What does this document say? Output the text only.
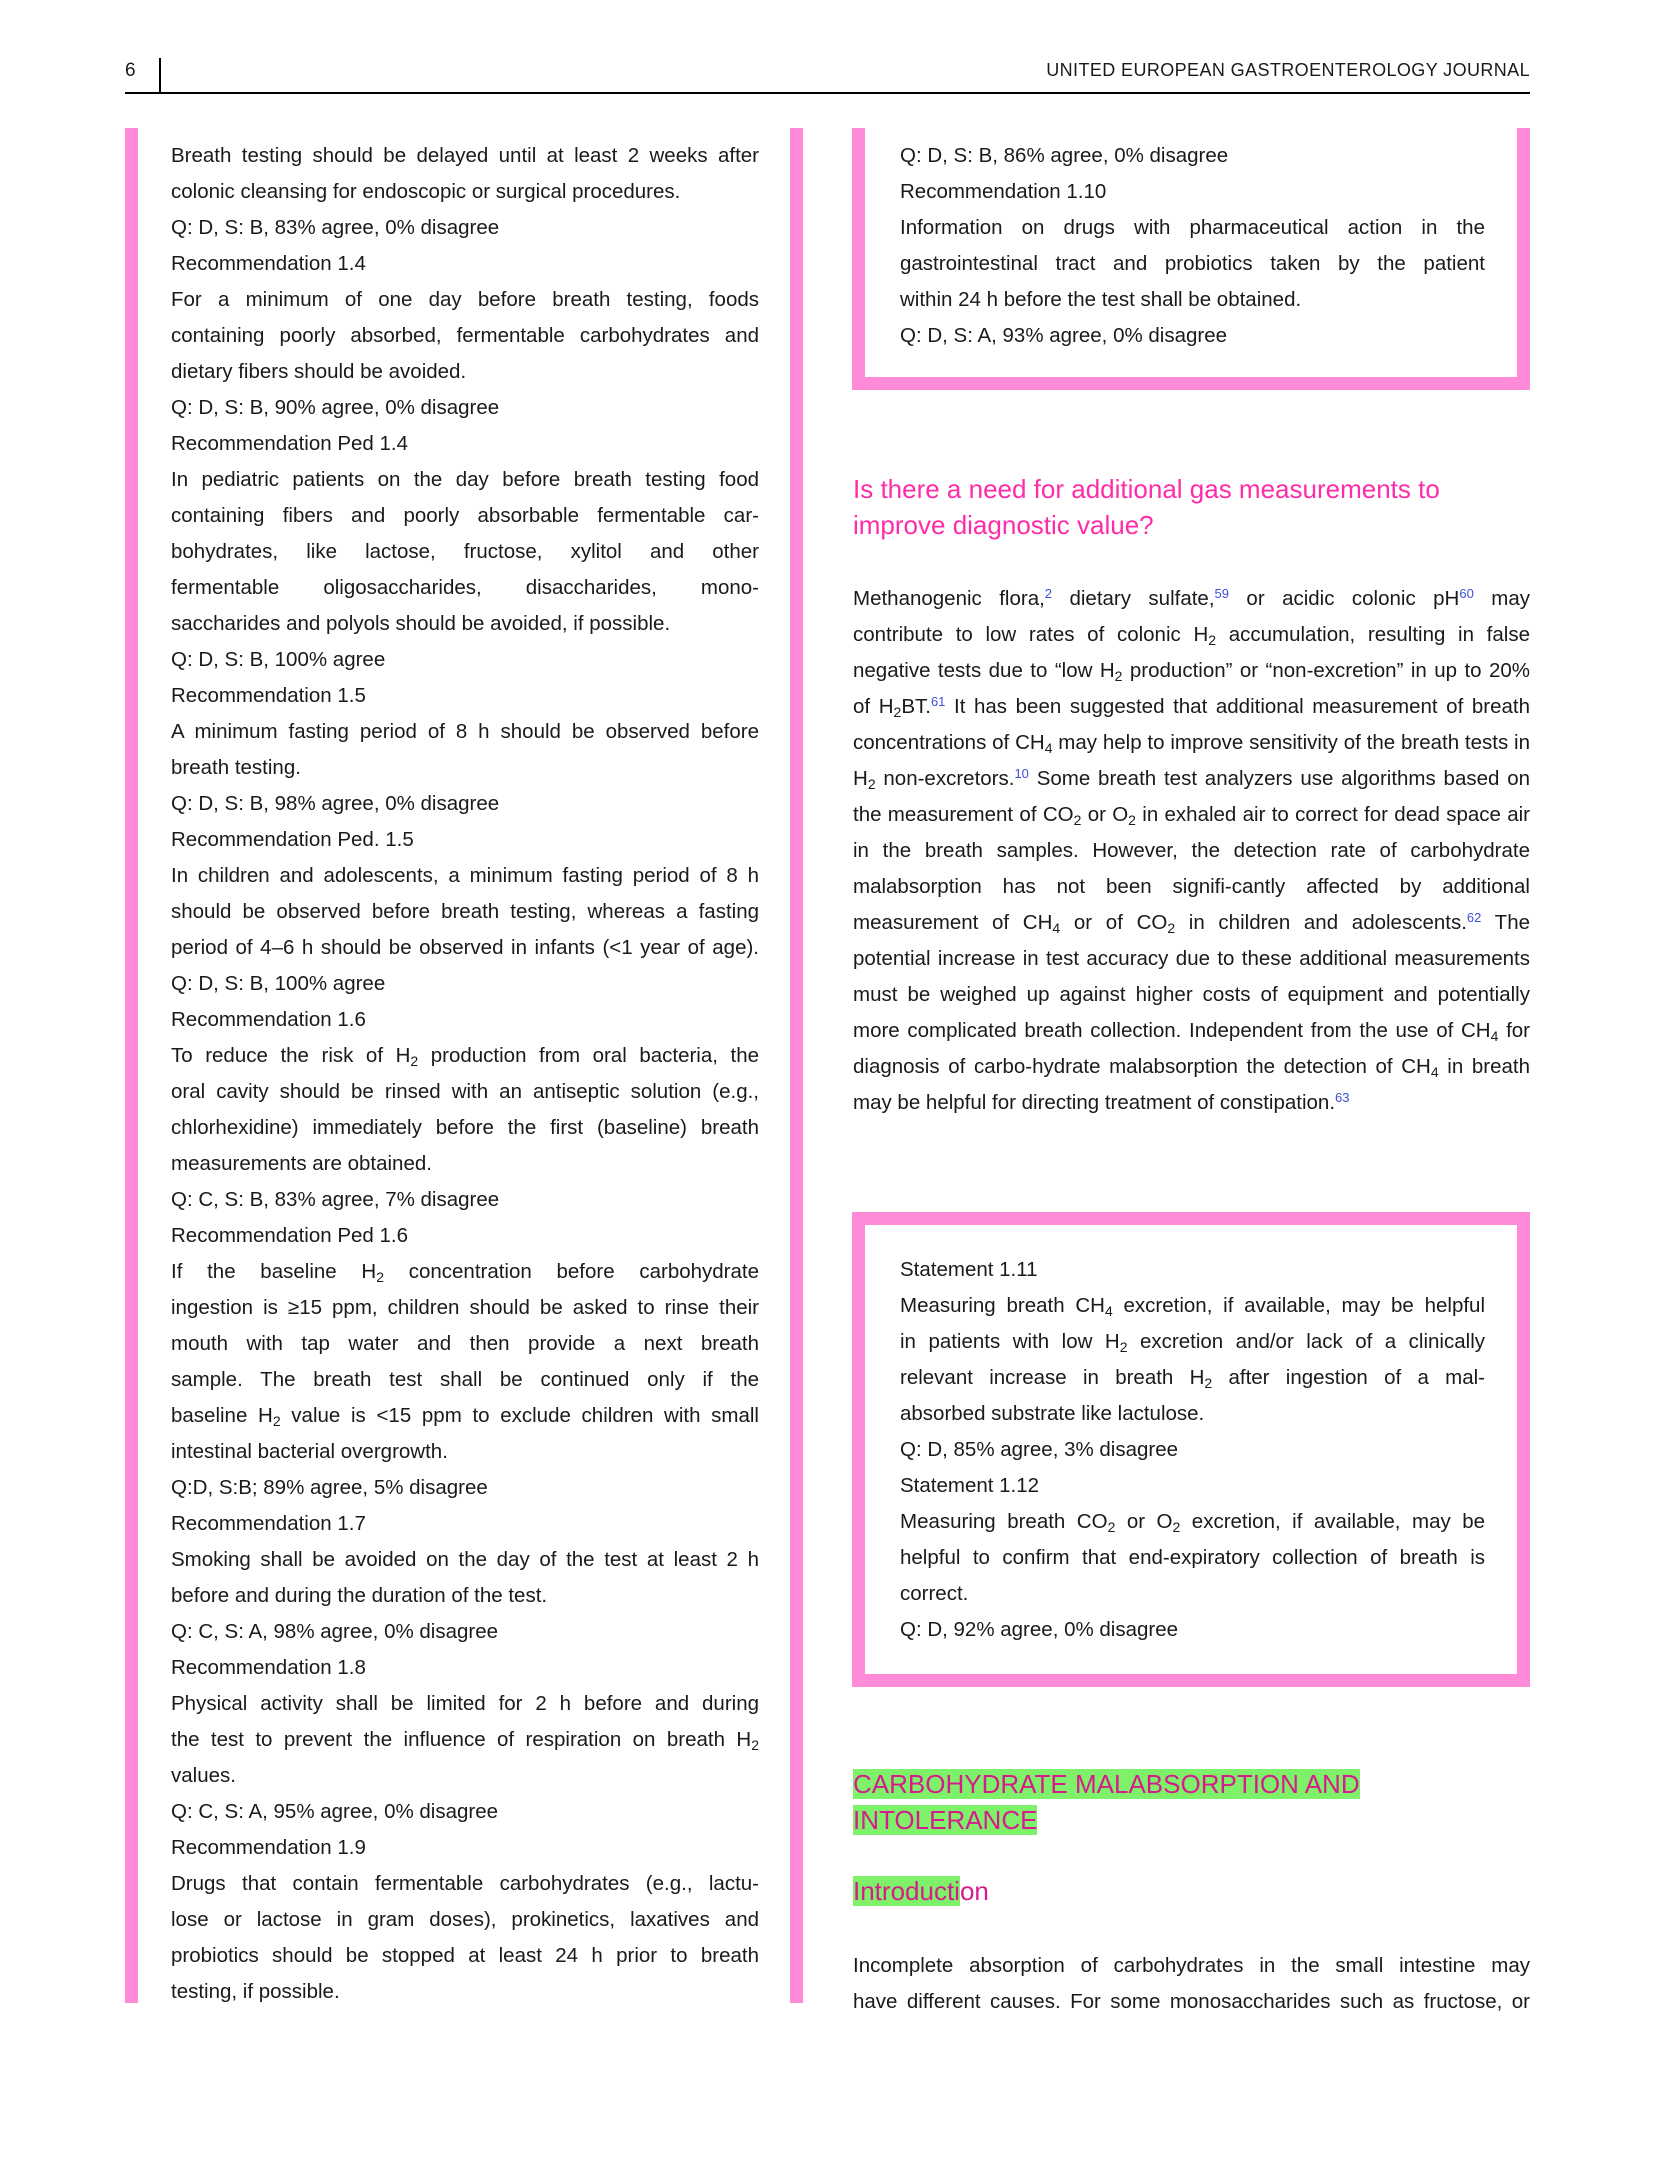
6	UNITED EUROPEAN GASTROENTEROLOGY JOURNAL
Breath testing should be delayed until at least 2 weeks after
colonic cleansing for endoscopic or surgical procedures.
Q: D, S: B, 83% agree, 0% disagree
Recommendation 1.4
For a minimum of one day before breath testing, foods
containing poorly absorbed, fermentable carbohydrates and
dietary fibers should be avoided.
Q: D, S: B, 90% agree, 0% disagree
Recommendation Ped 1.4
In pediatric patients on the day before breath testing food
containing fibers and poorly absorbable fermentable car-
bohydrates, like lactose, fructose, xylitol and other
fermentable oligosaccharides, disaccharides, mono-
saccharides and polyols should be avoided, if possible.
Q: D, S: B, 100% agree
Recommendation 1.5
A minimum fasting period of 8 h should be observed before
breath testing.
Q: D, S: B, 98% agree, 0% disagree
Recommendation Ped. 1.5
In children and adolescents, a minimum fasting period of 8 h
should be observed before breath testing, whereas a fasting
period of 4–6 h should be observed in infants (<1 year of age).
Q: D, S: B, 100% agree
Recommendation 1.6
To reduce the risk of $H_2$ production from oral bacteria, the
oral cavity should be rinsed with an antiseptic solution (e.g.,
chlorhexidine) immediately before the first (baseline) breath
measurements are obtained.
Q: C, S: B, 83% agree, 7% disagree
Recommendation Ped 1.6
If the baseline $H_2$ concentration before carbohydrate
ingestion is ≥15 ppm, children should be asked to rinse their
mouth with tap water and then provide a next breath
sample. The breath test shall be continued only if the
baseline $H_2$ value is <15 ppm to exclude children with small
intestinal bacterial overgrowth.
Q:D, S:B; 89% agree, 5% disagree
Recommendation 1.7
Smoking shall be avoided on the day of the test at least 2 h
before and during the duration of the test.
Q: C, S: A, 98% agree, 0% disagree
Recommendation 1.8
Physical activity shall be limited for 2 h before and during
the test to prevent the influence of respiration on breath $H_2$
values.
Q: C, S: A, 95% agree, 0% disagree
Recommendation 1.9
Drugs that contain fermentable carbohydrates (e.g., lactu-
lose or lactose in gram doses), prokinetics, laxatives and
probiotics should be stopped at least 24 h prior to breath
testing, if possible.
Q: D, S: B, 86% agree, 0% disagree
Recommendation 1.10
Information on drugs with pharmaceutical action in the
gastrointestinal tract and probiotics taken by the patient
within 24 h before the test shall be obtained.
Q: D, S: A, 93% agree, 0% disagree
Is there a need for additional gas measurements to improve diagnostic value?
Methanogenic flora,$^2$ dietary sulfate,$^{59}$ or acidic colonic $pH^{60}$ may contribute to low rates of colonic $H_2$ accumulation, resulting in false negative tests due to “low $H_2$ production” or “non-excretion” in up to 20% of $H_2BT.^{61}$ It has been suggested that additional measurement of breath concentrations of $CH_4$ may help to improve sensitivity of the breath tests in $H_2$ non-excretors.$^{10}$ Some breath test analyzers use algorithms based on the measurement of $CO_2$ or $O_2$ in exhaled air to correct for dead space air in the breath samples. However, the detection rate of carbohydrate malabsorption has not been signifi-cantly affected by additional measurement of $CH_4$ or of $CO_2$ in children and adolescents.$^{62}$ The potential increase in test accuracy due to these additional measurements must be weighed up against higher costs of equipment and potentially more complicated breath collection. Independent from the use of $CH_4$ for diagnosis of carbo-hydrate malabsorption the detection of $CH_4$ in breath may be helpful for directing treatment of constipation.$^{63}$
Statement 1.11
Measuring breath $CH_4$ excretion, if available, may be helpful
in patients with low $H_2$ excretion and/or lack of a clinically
relevant increase in breath $H_2$ after ingestion of a mal-
absorbed substrate like lactulose.
Q: D, 85% agree, 3% disagree
Statement 1.12
Measuring breath $CO_2$ or $O_2$ excretion, if available, may be
helpful to confirm that end-expiratory collection of breath is
correct.
Q: D, 92% agree, 0% disagree
CARBOHYDRATE MALABSORPTION AND
INTOLERANCE
Introduction
Incomplete absorption of carbohydrates in the small intestine may
have different causes. For some monosaccharides such as fructose, or
